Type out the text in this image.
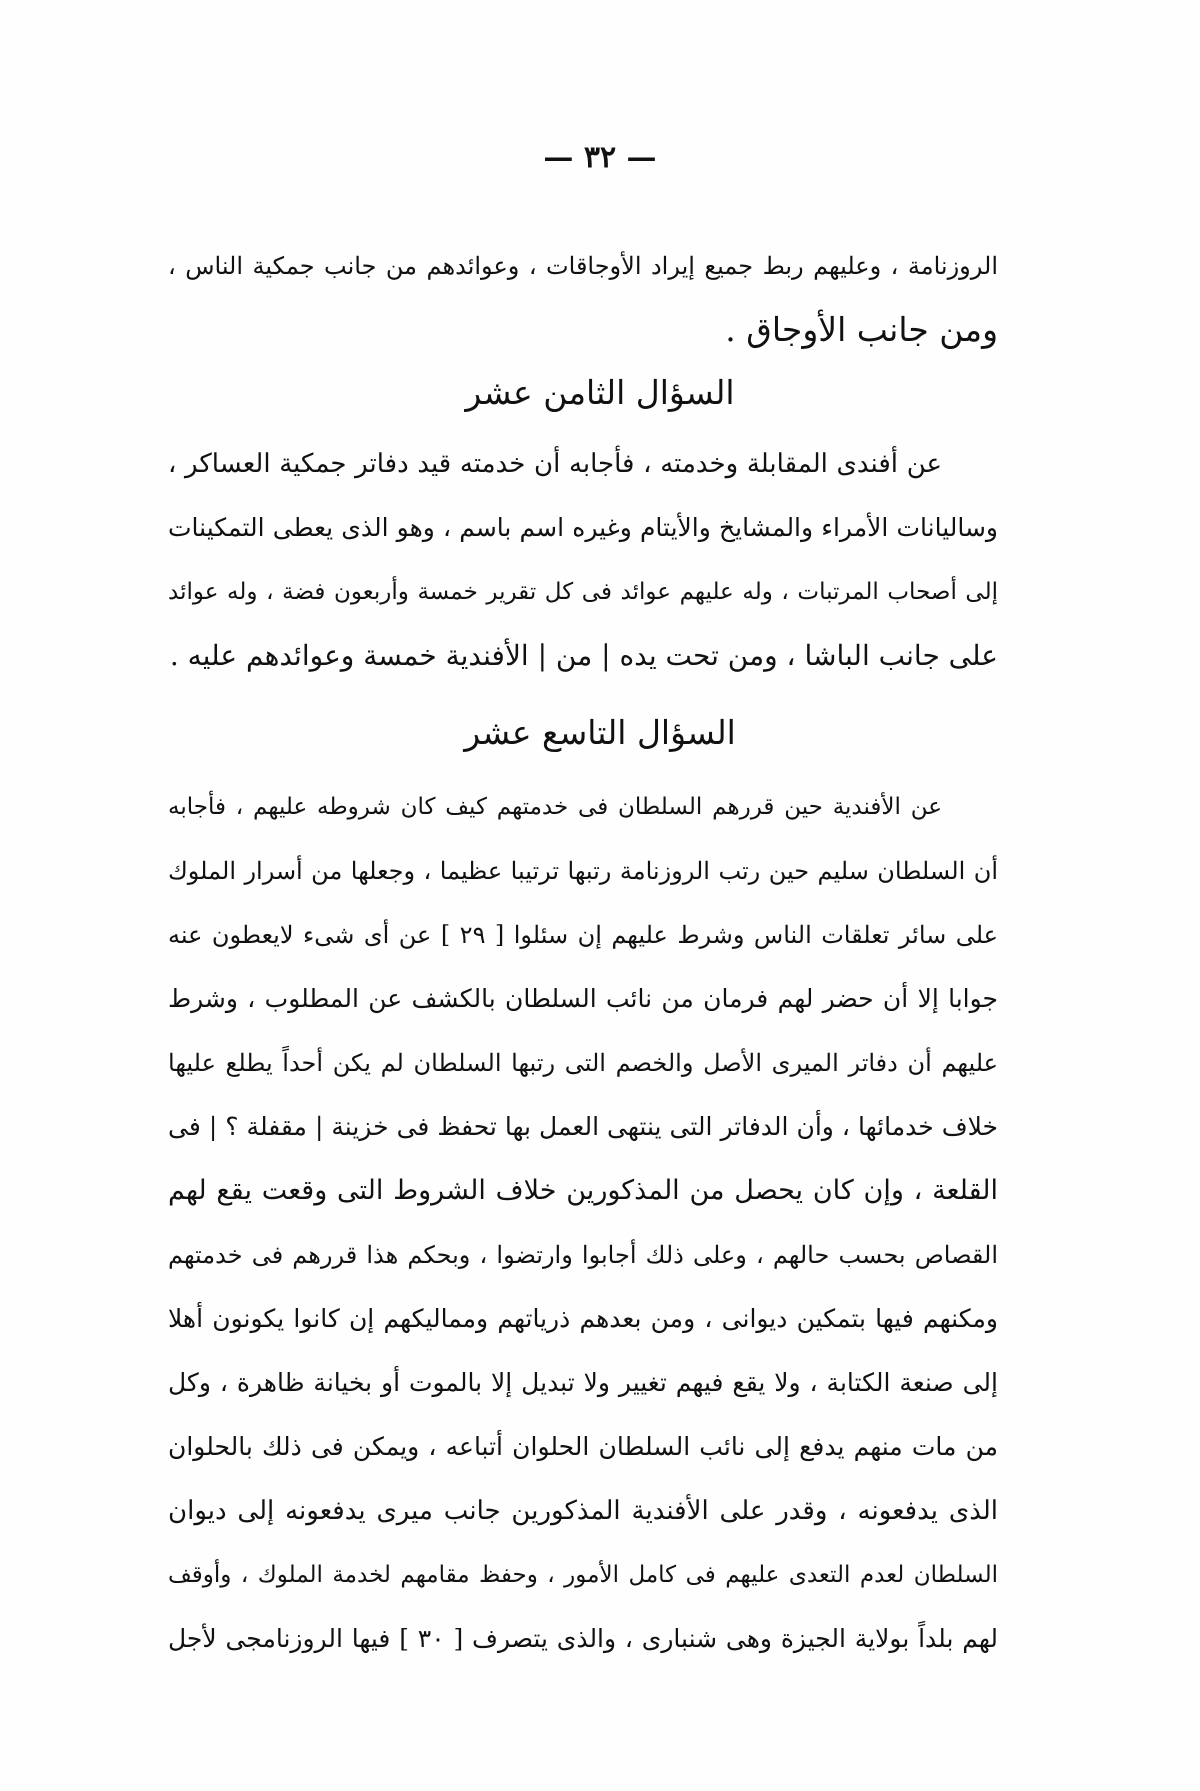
— ٣٢ —
الروزنامة ، وعليهم ربط جميع إيراد الأوجاقات ، وعوائدهم من جانب جمكية الناس ،
ومن جانب الأوجاق .
السؤال الثامن عشر
عن أفندى المقابلة وخدمته ، فأجابه أن خدمته قيد دفاتر جمكية العساكر ،
وساليانات الأمراء والمشايخ والأيتام وغيره اسم باسم ، وهو الذى يعطى التمكينات
إلى أصحاب المرتبات ، وله عليهم عوائد فى كل تقرير خمسة وأربعون فضة ، وله عوائد
على جانب الباشا ، ومن تحت يده | من | الأفندية خمسة وعوائدهم عليه .
السؤال التاسع عشر
عن الأفندية حين قررهم السلطان فى خدمتهم كيف كان شروطه عليهم ، فأجابه
أن السلطان سليم حين رتب الروزنامة رتبها ترتيبا عظيما ، وجعلها من أسرار الملوك
على سائر تعلقات الناس وشرط عليهم إن سئلوا [ ٢٩ ] عن أى شىء لايعطون عنه
جوابا إلا أن حضر لهم فرمان من نائب السلطان بالكشف عن المطلوب ، وشرط
عليهم أن دفاتر الميرى الأصل والخصم التى رتبها السلطان لم يكن أحداً يطلع عليها
خلاف خدمائها ، وأن الدفاتر التى ينتهى العمل بها تحفظ فى خزينة | مقفلة ؟ | فى
القلعة ، وإن كان يحصل من المذكورين خلاف الشروط التى وقعت يقع لهم
القصاص بحسب حالهم ، وعلى ذلك أجابوا وارتضوا ، وبحكم هذا قررهم فى خدمتهم
ومكنهم فيها بتمكين ديوانى ، ومن بعدهم ذرياتهم ومماليكهم إن كانوا يكونون أهلا
إلى صنعة الكتابة ، ولا يقع فيهم تغيير ولا تبديل إلا بالموت أو بخيانة ظاهرة ، وكل
من مات منهم يدفع إلى نائب السلطان الحلوان أتباعه ، ويمكن فى ذلك بالحلوان
الذى يدفعونه ، وقدر على الأفندية المذكورين جانب ميرى يدفعونه إلى ديوان
السلطان لعدم التعدى عليهم فى كامل الأمور ، وحفظ مقامهم لخدمة الملوك ، وأوقف
لهم بلداً بولاية الجيزة وهى شنبارى ، والذى يتصرف [ ٣٠ ] فيها الروزنامجى لأجل
